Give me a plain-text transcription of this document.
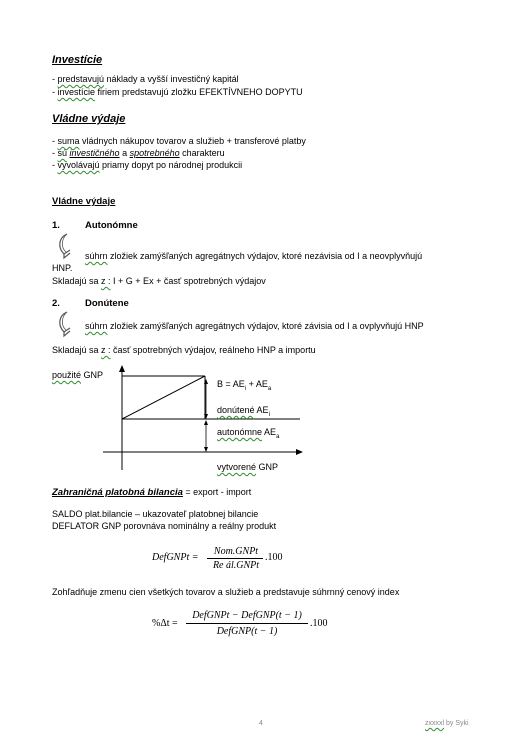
Investície
- predstavujú náklady a vyšší investičný kapitál
- investície firiem predstavujú zložku EFEKTÍVNEHO DOPYTU
Vládne výdaje
- suma vládnych nákupov tovarov a služieb + transferové platby
- sú investičného a spotrebného charakteru
- vyvolávajú priamy dopyt po národnej produkcii
Vládne výdaje
1.	Autonómne
súhrn zložiek zamýšľaných agregátnych výdajov, ktoré nezávisia od I a neovplyvňujú
HNP.
Skladajú sa z : I + G + Ex + časť spotrebných výdajov
2.	Donútene
súhrn zložiek zamýšľaných agregátnych výdajov, ktoré závisia od I a ovplyvňujú HNP
Skladajú sa z : časť spotrebných výdajov, reálneho HNP a importu
použité GNP
$B = AE_i + AE_a$
donútené $AE_i$
autonómne $AE_a$
vytvorené GNP
Zahraničná platobná bilancia = export - import
SALDO plat.bilancie – ukazovateľ platobnej bilancie
DEFLATOR GNP porovnáva nominálny a reálny produkt
DefGNPt =
Nom.GNPt
Re ál.GNPt
.100
Zohľadňuje zmenu cien všetkých tovarov a služieb a predstavuje súhrnný cenový index
%Δt =
DefGNPt − DefGNP(t − 1)
DefGNP(t − 1)
.100
4	zxxxxl by Syki
